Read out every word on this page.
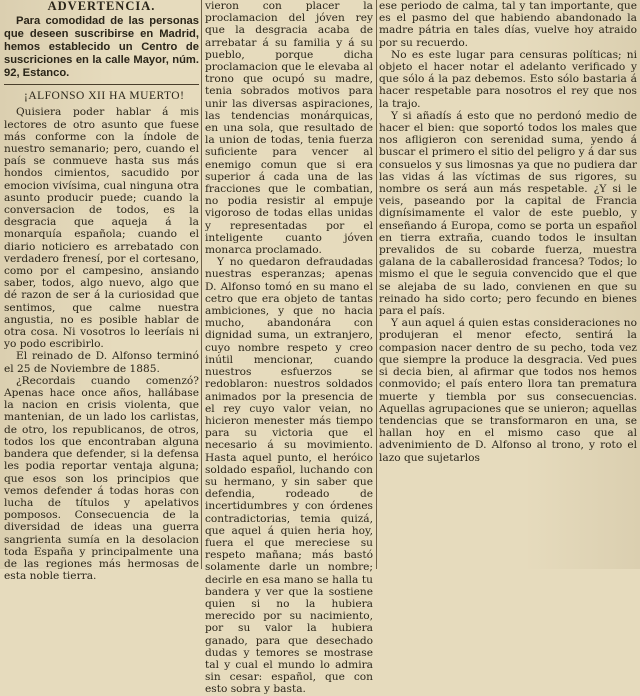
ADVERTENCIA.
Para comodidad de las personas que deseen suscribirse en Madrid, hemos establecido un Centro de suscriciones en la calle Mayor, núm. 92, Estanco.
¡ALFONSO XII HA MUERTO!

Quisiera poder hablar á mis lectores de otro asunto que fuese más conforme con la índole de nuestro semanario; pero, cuando el país se conmueve hasta sus más hondos cimientos, sacudido por emocion vivísima, cual ninguna otra asunto producir puede; cuando la conversacion de todos, es la desgracia que aqueja á la monarquía española; cuando el diario noticiero es arrebatado con verdadero frenesí, por el cortesano, como por el campesino, ansiando saber, todos, algo nuevo, algo que dé razon de ser á la curiosidad que sentimos, que calme nuestra angustia, no es posible hablar de otra cosa. Ni vosotros lo leeríais ni yo podo escribirlo.

El reinado de D. Alfonso terminó el 25 de Noviembre de 1885.

¿Recordais cuando comenzó? Apenas hace once años, hallábase la nacion en crisis violenta, que mantenian, de un lado los carlistas, de otro, los republicanos, de otros, todos los que encontraban alguna bandera que defender, si la defensa les podia reportar ventaja alguna; que esos son los principios que vemos defender á todas horas con lucha de títulos y apelativos pomposos. Consecuencia de la diversidad de ideas una guerra sangrienta sumía en la desolacion toda España y principalmente una de las regiones más hermosas de esta noble tierra.

vieron con placer la proclamacion del jóven rey que la desgracia acaba de arrebatar á su familia y á su pueblo, porque dicha proclamacion que le elevaba al trono que ocupó su madre, tenia sobrados motivos para unir las diversas aspiraciones, las tendencias monárquicas, en una sola, que resultado de la union de todas, tenia fuerza suficiente para vencer al enemigo comun que si era superior á cada una de las fracciones que le combatian, no podia resistir al empuje vigoroso de todas ellas unidas y representadas por el inteligente cuanto jóven monarca proclamado.

Y no quedaron defraudadas nuestras esperanzas; apenas D. Alfonso tomó en su mano el cetro que era objeto de tantas ambiciones, y que no hacia mucho, abandonára con dignidad suma, un extranjero, cuyo nombre respeto y creo inútil mencionar, cuando nuestros esfuerzos se redoblaron: nuestros soldados animados por la presencia de el rey cuyo valor veian, no hicieron menester más tiempo para su victoria que el necesario á su movimiento. Hasta aquel punto, el heróico soldado español, luchando con su hermano, y sin saber que defendia, rodeado de incertidumbres y con órdenes contradictorias, temia quizá, que aquel á quien heria hoy, fuera el que mereciese su respeto mañana; más bastó solamente darle un nombre; decirle en esa mano se halla tu bandera y ver que la sostiene quien si no la hubiera merecido por su nacimiento, por su valor la hubiera ganado, para que desechado dudas y temores se mostrase tal y cual el mundo lo admira sin cesar: español, que con esto sobra y basta.

ese periodo de calma, tal y tan importante, que es el pasmo del que habiendo abandonado la madre pátria en tales días, vuelve hoy atraido por su recuerdo.

No es este lugar para censuras políticas; ni objeto el hacer notar el adelanto verificado y que sólo á la paz debemos. Esto sólo bastaria á hacer respetable para nosotros el rey que nos la trajo.

Y si añadís á esto que no perdonó medio de hacer el bien: que soportó todos los males que nos afligieron con serenidad suma, yendo á buscar el primero el sitio del peligro y á dar sus consuelos y sus limosnas ya que no pudiera dar las vidas á las víctimas de sus rigores, su nombre os será aun más respetable. ¿Y si le veis, paseando por la capital de Francia dignísimamente el valor de este pueblo, y enseñando á Europa, como se porta un español en tierra extraña, cuando todos le insultan prevalidos de su cobarde fuerza, muestra galana de la caballerosidad francesa? Todos; lo mismo el que le seguia convencido que el que se alejaba de su lado, convienen en que su reinado ha sido corto; pero fecundo en bienes para el país.

Y aun aquel á quien estas consideraciones no produjeran el menor efecto, sentirá la compasion nacer dentro de su pecho, toda vez que siempre la produce la desgracia. Ved pues si decia bien, al afirmar que todos nos hemos conmovido; el país entero llora tan prematura muerte y tiembla por sus consecuencias. Aquellas agrupaciones que se unieron; aquellas tendencias que se transformaron en una, se hallan hoy en el mismo caso que al advenimiento de D. Alfonso al trono, y roto el lazo que sujetarlos
